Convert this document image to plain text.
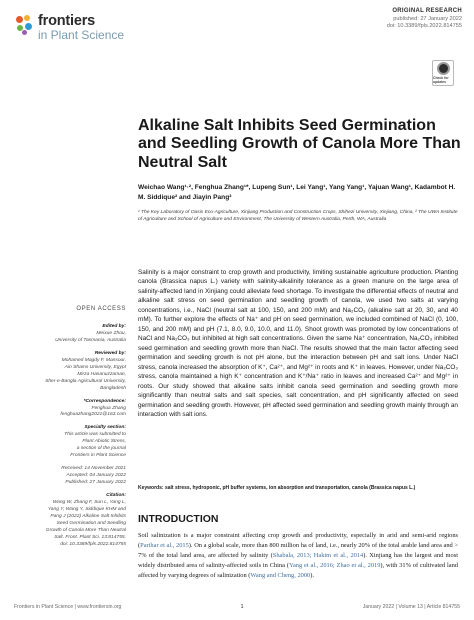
frontiers
in Plant Science
ORIGINAL RESEARCH
published: 27 January 2022
doi: 10.3389/fpls.2022.814755
Check for updates
Alkaline Salt Inhibits Seed Germination and Seedling Growth of Canola More Than Neutral Salt
Weichao Wang¹·², Fenghua Zhang¹*, Lupeng Sun¹, Lei Yang¹, Yang Yang¹, Yajuan Wang¹, Kadambot H. M. Siddique² and Jiayin Pang²
¹ The Key Laboratory of Oasis Eco-Agriculture, Xinjiang Production and Construction Crops, Shihezi University, Xinjiang, China, ² The UWA Institute of Agriculture and School of Agriculture and Environment, The University of Western Australia, Perth, WA, Australia

Salinity is a major constraint to crop growth and productivity, limiting sustainable agriculture production. Planting canola (Brassica napus L.) variety with salinity-alkalinity tolerance as a green manure on the large area of salinity-affected land in Xinjiang could alleviate feed shortage. To investigate the differential effects of neutral and alkaline salt stress on seed germination and seedling growth of canola, we used two salts at varying concentrations, i.e., NaCl (neutral salt at 100, 150, and 200 mM) and Na₂CO₃ (alkaline salt at 20, 30, and 40 mM). To further explore the effects of Na⁺ and pH on seed germination, we included combined of NaCl (0, 100, 150, and 200 mM) and pH (7.1, 8.0, 9.0, 10.0, and 11.0). Shoot growth was promoted by low concentrations of NaCl and Na₂CO₃ but inhibited at high salt concentrations. Given the same Na⁺ concentration, Na₂CO₃ inhibited seed germination and seedling growth more than NaCl. The results showed that the main factor affecting seed germination and seedling growth is not pH alone, but the interaction between pH and salt ions. Under NaCl stress, canola increased the absorption of K⁺, Ca²⁺, and Mg²⁺ in roots and K⁺ in leaves. However, under Na₂CO₃ stress, canola maintained a high K⁺ concentration and K⁺/Na⁺ ratio in leaves and increased Ca²⁺ and Mg²⁺ in roots. Our study showed that alkaline salts inhibit canola seed germination and seedling growth more significantly than neutral salts and salt species, salt concentration, and pH significantly affected on seed germination and seedling growth. However, pH affected seed germination and seedling growth mainly through an interaction with salt ions.

Keywords: salt stress, hydroponic, pH buffer systems, ion absorption and transportation, canola (Brassica napus L.)

INTRODUCTION

Soil salinization is a major constraint affecting crop growth and productivity, especially in arid and semi-arid regions (Parihar et al., 2015). On a global scale, more than 800 million ha of land, i.e., nearly 20% of the total arable land area and > 7% of the total land area, are affected by salinity (Shabala, 2013; Hakim et al., 2014). Xinjiang has the largest and most widely distributed area of salinity-affected soils in China (Yang et al., 2016; Zhao et al., 2019), with 31% of cultivated land affected by varying degrees of salinization (Wang and Cheng, 2000).

OPEN ACCESS
Edited by:
Meixue Zhou,
University of Tasmania, Australia
Reviewed by:
Mohamed Magdy F. Mansour,
Ain Shams University, Egypt
Mirza Hasanuzzaman,
Sher-e-Bangla Agricultural University,
Bangladesh
*Correspondence:
Fenghua Zhang
fenghuazhang2021@163.com
Specialty section:
This article was submitted to
Plant Abiotic Stress,
a section of the journal
Frontiers in Plant Science
Received: 14 November 2021
Accepted: 04 January 2022
Published: 27 January 2022
Citation:
Wang W, Zhang F, Sun L, Yang L,
Yang Y, Wang Y, Siddique KHM and
Pang J (2022) Alkaline Salt Inhibits
Seed Germination and Seedling
Growth of Canola More Than Neutral
Salt. Front. Plant Sci. 13:814755.
doi: 10.3389/fpls.2022.814755
Frontiers in Plant Science | www.frontiersin.org	1	January 2022 | Volume 13 | Article 814755
